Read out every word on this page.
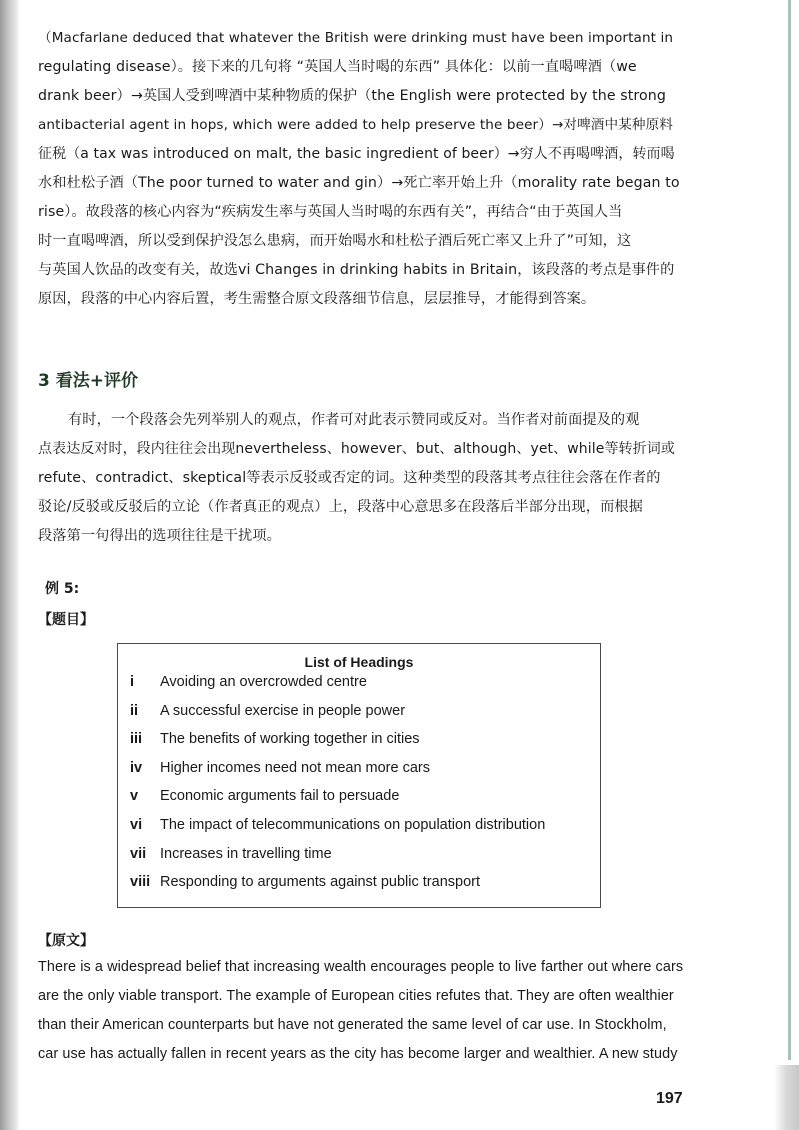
（Macfarlane deduced that whatever the British were drinking must have been important in
regulating disease）。接下来的几句将 “英国人当时喝的东西” 具体化：以前一直喝啤酒（we
drank beer）→英国人受到啤酒中某种物质的保护（the English were protected by the strong
antibacterial agent in hops, which were added to help preserve the beer）→对啤酒中某种原料
征税（a tax was introduced on malt, the basic ingredient of beer）→穷人不再喝啤酒，转而喝
水和杜松子酒（The poor turned to water and gin）→死亡率开始上升（morality rate began to
rise）。故段落的核心内容为“疾病发生率与英国人当时喝的东西有关”，再结合“由于英国人当
时一直喝啤酒，所以受到保护没怎么患病，而开始喝水和杜松子酒后死亡率又上升了”可知，这
与英国人饮品的改变有关，故选vi Changes in drinking habits in Britain，该段落的考点是事件的
原因，段落的中心内容后置，考生需整合原文段落细节信息，层层推导，才能得到答案。

3 看法+评价

有时，一个段落会先列举别人的观点，作者可对此表示赞同或反对。当作者对前面提及的观
点表达反对时，段内往往会出现nevertheless、however、but、although、yet、while等转折词或
refute、contradict、skeptical等表示反驳或否定的词。这种类型的段落其考点往往会落在作者的
驳论/反驳或反驳后的立论（作者真正的观点）上，段落中心意思多在段落后半部分出现，而根据
段落第一句得出的选项往往是干扰项。

例 5:

【题目】

List of Headings
i	Avoiding an overcrowded centre
ii	A successful exercise in people power
iii	The benefits of working together in cities
iv	Higher incomes need not mean more cars
v	Economic arguments fail to persuade
vi	The impact of telecommunications on population distribution
vii Increases in travelling time
viii Responding to arguments against public transport

【原文】

There is a widespread belief that increasing wealth encourages people to live farther out where cars
are the only viable transport. The example of European cities refutes that. They are often wealthier
than their American counterparts but have not generated the same level of car use. In Stockholm,
car use has actually fallen in recent years as the city has become larger and wealthier. A new study

197
